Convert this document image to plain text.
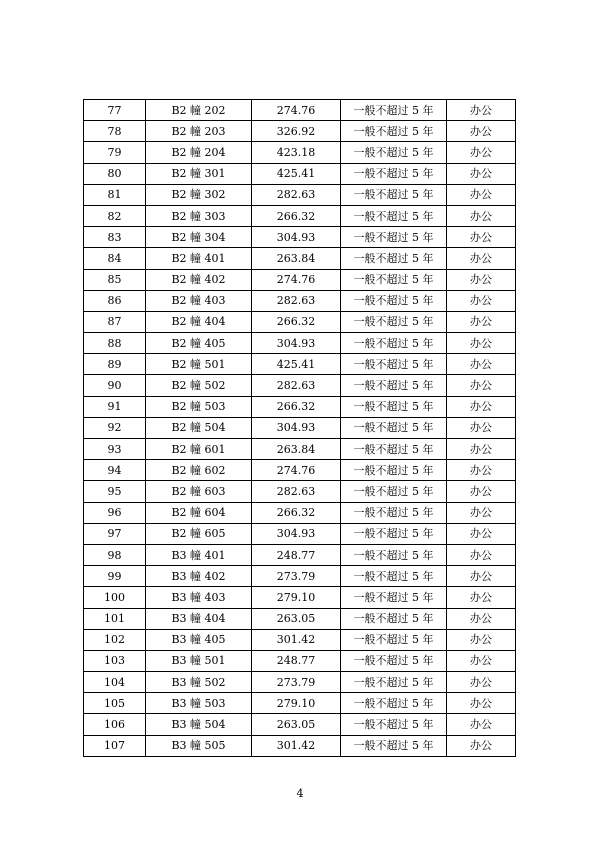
77	B2 幢 202	274.76	一般不超过 5 年	办公
78	B2 幢 203	326.92	一般不超过 5 年	办公
79	B2 幢 204	423.18	一般不超过 5 年	办公
80	B2 幢 301	425.41	一般不超过 5 年	办公
81	B2 幢 302	282.63	一般不超过 5 年	办公
82	B2 幢 303	266.32	一般不超过 5 年	办公
83	B2 幢 304	304.93	一般不超过 5 年	办公
84	B2 幢 401	263.84	一般不超过 5 年	办公
85	B2 幢 402	274.76	一般不超过 5 年	办公
86	B2 幢 403	282.63	一般不超过 5 年	办公
87	B2 幢 404	266.32	一般不超过 5 年	办公
88	B2 幢 405	304.93	一般不超过 5 年	办公
89	B2 幢 501	425.41	一般不超过 5 年	办公
90	B2 幢 502	282.63	一般不超过 5 年	办公
91	B2 幢 503	266.32	一般不超过 5 年	办公
92	B2 幢 504	304.93	一般不超过 5 年	办公
93	B2 幢 601	263.84	一般不超过 5 年	办公
94	B2 幢 602	274.76	一般不超过 5 年	办公
95	B2 幢 603	282.63	一般不超过 5 年	办公
96	B2 幢 604	266.32	一般不超过 5 年	办公
97	B2 幢 605	304.93	一般不超过 5 年	办公
98	B3 幢 401	248.77	一般不超过 5 年	办公
99	B3 幢 402	273.79	一般不超过 5 年	办公
100	B3 幢 403	279.10	一般不超过 5 年	办公
101	B3 幢 404	263.05	一般不超过 5 年	办公
102	B3 幢 405	301.42	一般不超过 5 年	办公
103	B3 幢 501	248.77	一般不超过 5 年	办公
104	B3 幢 502	273.79	一般不超过 5 年	办公
105	B3 幢 503	279.10	一般不超过 5 年	办公
106	B3 幢 504	263.05	一般不超过 5 年	办公
107	B3 幢 505	301.42	一般不超过 5 年	办公
4
